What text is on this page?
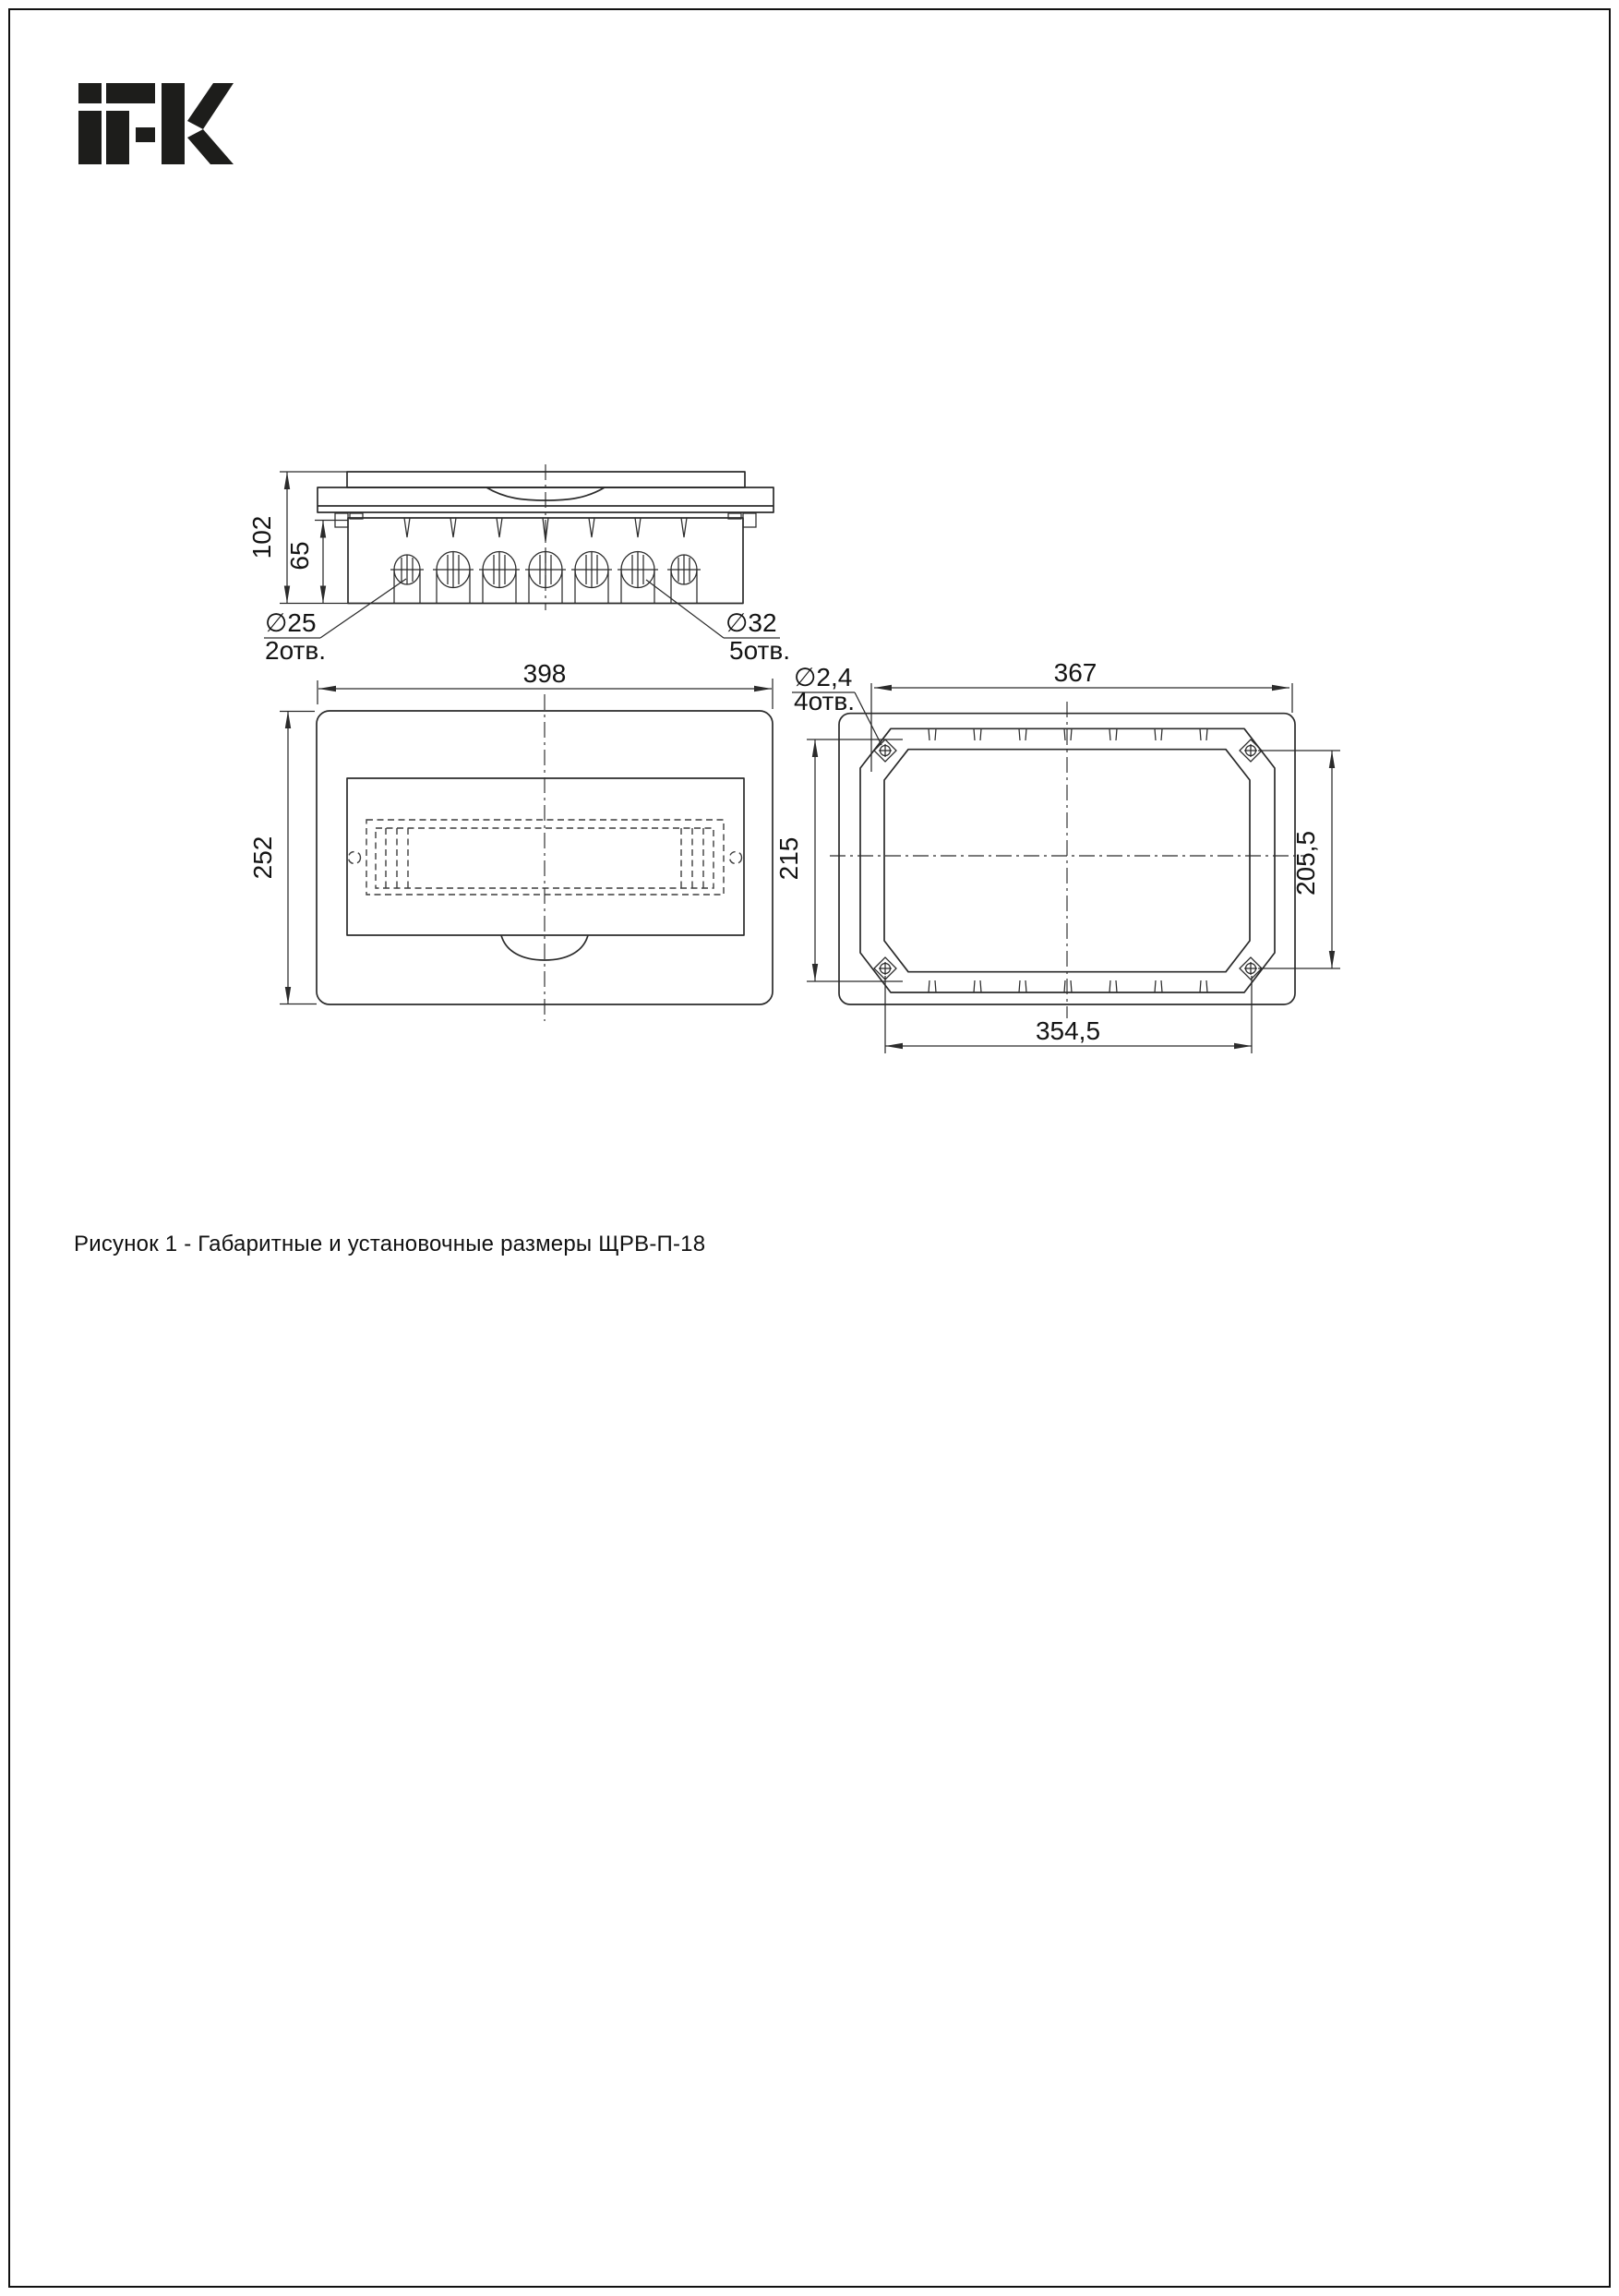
102 65
∅25
2отв.
∅32
5отв.
398
252
367
215	205,5
354,5
∅2,4
4отв.
Рисунок 1 - Габаритные и установочные размеры ЩРВ-П-18
